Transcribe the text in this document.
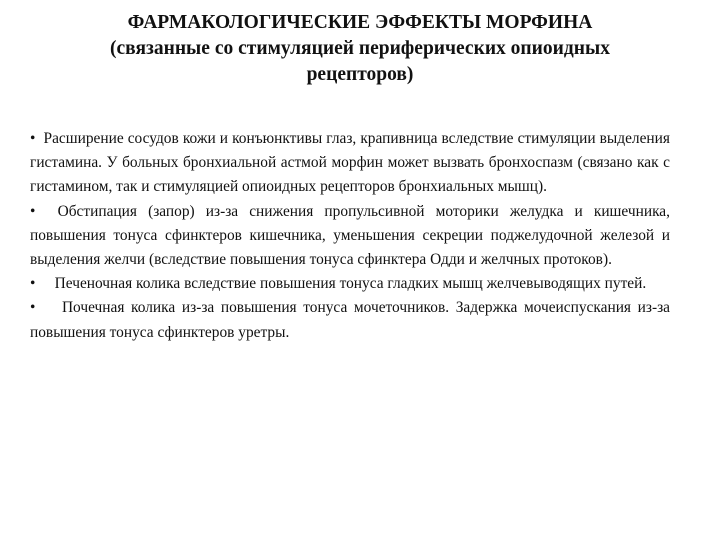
ФАРМАКОЛОГИЧЕСКИЕ ЭФФЕКТЫ МОРФИНА
(связанные со стимуляцией периферических опиоидных
рецепторов)

• Расширение сосудов кожи и конъюнктивы глаз, крапивница вследствие стимуляции выделения гистамина. У больных бронхиальной астмой морфин может вызвать бронхоспазм (связано как с гистамином, так и стимуляцией опиоидных рецепторов бронхиальных мышц).

• Обстипация (запор) из-за снижения пропульсивной моторики желудка и кишечника, повышения тонуса сфинктеров кишечника, уменьшения секреции поджелудочной железой и выделения желчи (вследствие повышения тонуса сфинктера Одди и желчных протоков).

• Печеночная колика вследствие повышения тонуса гладких мышц желчевыводящих путей.

• Почечная колика из-за повышения тонуса мочеточников. Задержка мочеиспускания из-за повышения тонуса сфинктеров уретры.
